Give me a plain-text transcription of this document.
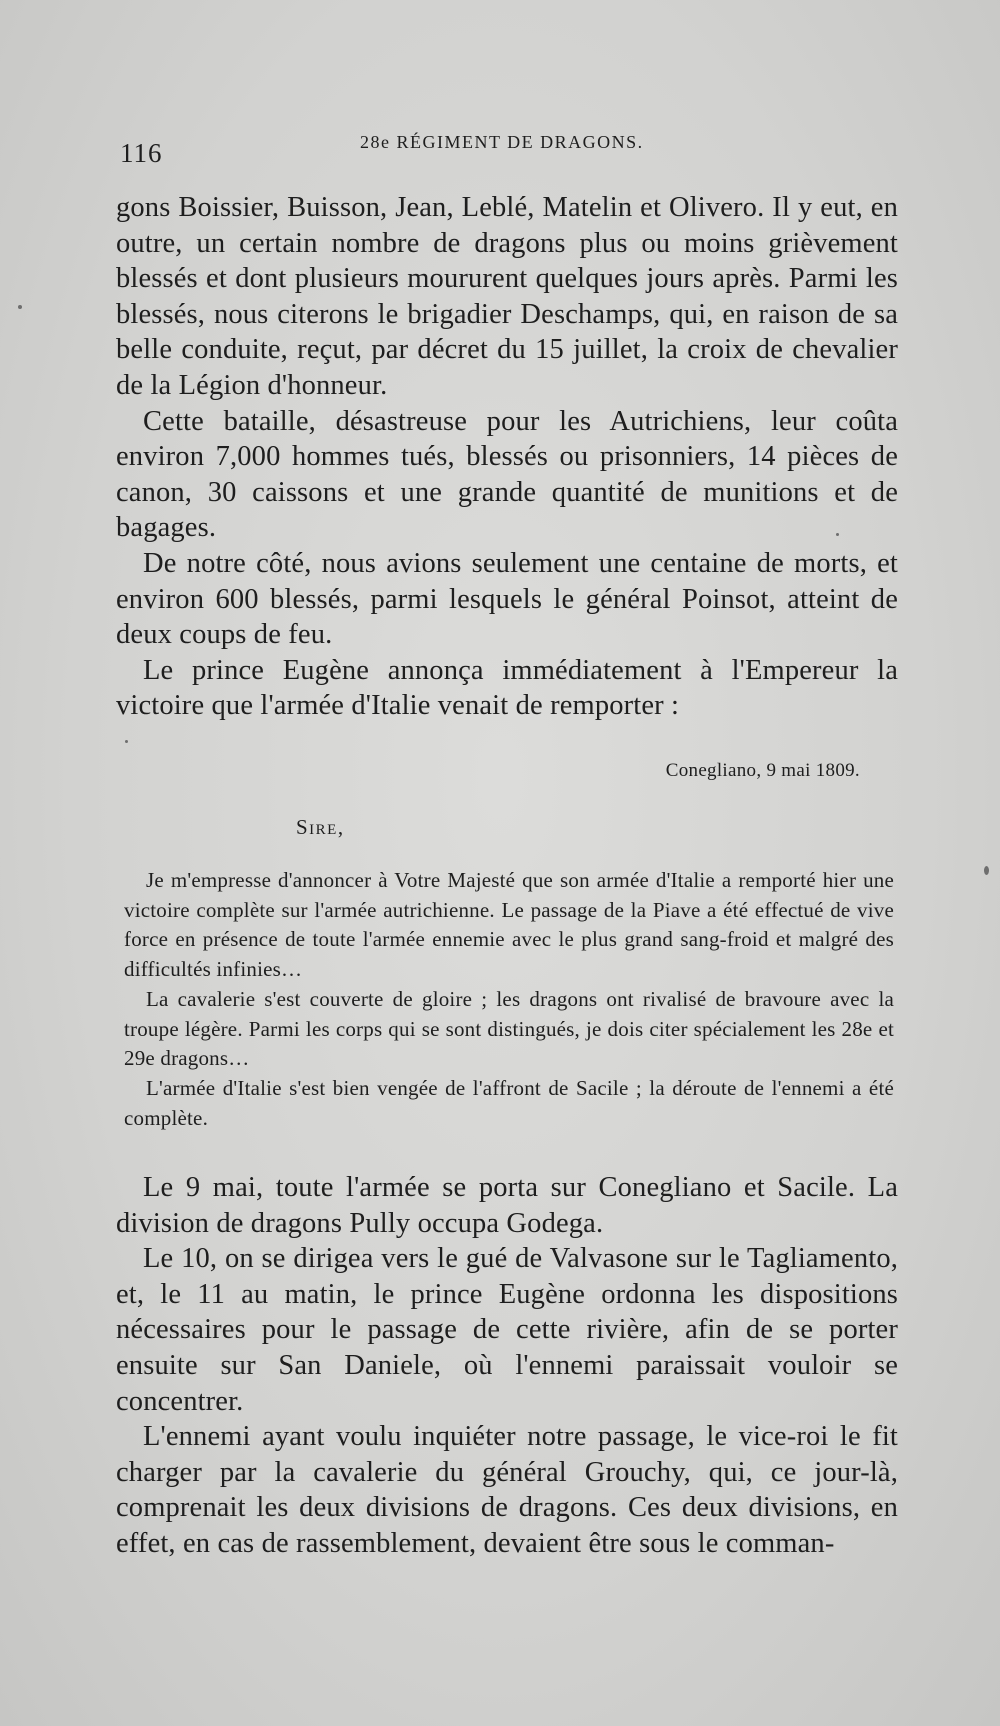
116	28e RÉGIMENT DE DRAGONS.

gons Boissier, Buisson, Jean, Leblé, Matelin et Olivero. Il y eut, en outre, un certain nombre de dragons plus ou moins grièvement blessés et dont plusieurs moururent quelques jours après. Parmi les blessés, nous citerons le brigadier Deschamps, qui, en raison de sa belle conduite, reçut, par décret du 15 juillet, la croix de chevalier de la Légion d'honneur.

Cette bataille, désastreuse pour les Autrichiens, leur coûta environ 7,000 hommes tués, blessés ou prisonniers, 14 pièces de canon, 30 caissons et une grande quantité de munitions et de bagages.

De notre côté, nous avions seulement une centaine de morts, et environ 600 blessés, parmi lesquels le général Poinsot, atteint de deux coups de feu.

Le prince Eugène annonça immédiatement à l'Empereur la victoire que l'armée d'Italie venait de remporter :

Conegliano, 9 mai 1809.
Sire,

Je m'empresse d'annoncer à Votre Majesté que son armée d'Italie a remporté hier une victoire complète sur l'armée autrichienne. Le passage de la Piave a été effectué de vive force en présence de toute l'armée ennemie avec le plus grand sang-froid et malgré des difficultés infinies…

La cavalerie s'est couverte de gloire ; les dragons ont rivalisé de bravoure avec la troupe légère. Parmi les corps qui se sont distingués, je dois citer spécialement les 28e et 29e dragons…

L'armée d'Italie s'est bien vengée de l'affront de Sacile ; la déroute de l'ennemi a été complète.

Le 9 mai, toute l'armée se porta sur Conegliano et Sacile. La division de dragons Pully occupa Godega.

Le 10, on se dirigea vers le gué de Valvasone sur le Tagliamento, et, le 11 au matin, le prince Eugène ordonna les dispositions nécessaires pour le passage de cette rivière, afin de se porter ensuite sur San Daniele, où l'ennemi paraissait vouloir se concentrer.

L'ennemi ayant voulu inquiéter notre passage, le vice-roi le fit charger par la cavalerie du général Grouchy, qui, ce jour-là, comprenait les deux divisions de dragons. Ces deux divisions, en effet, en cas de rassemblement, devaient être sous le comman-
